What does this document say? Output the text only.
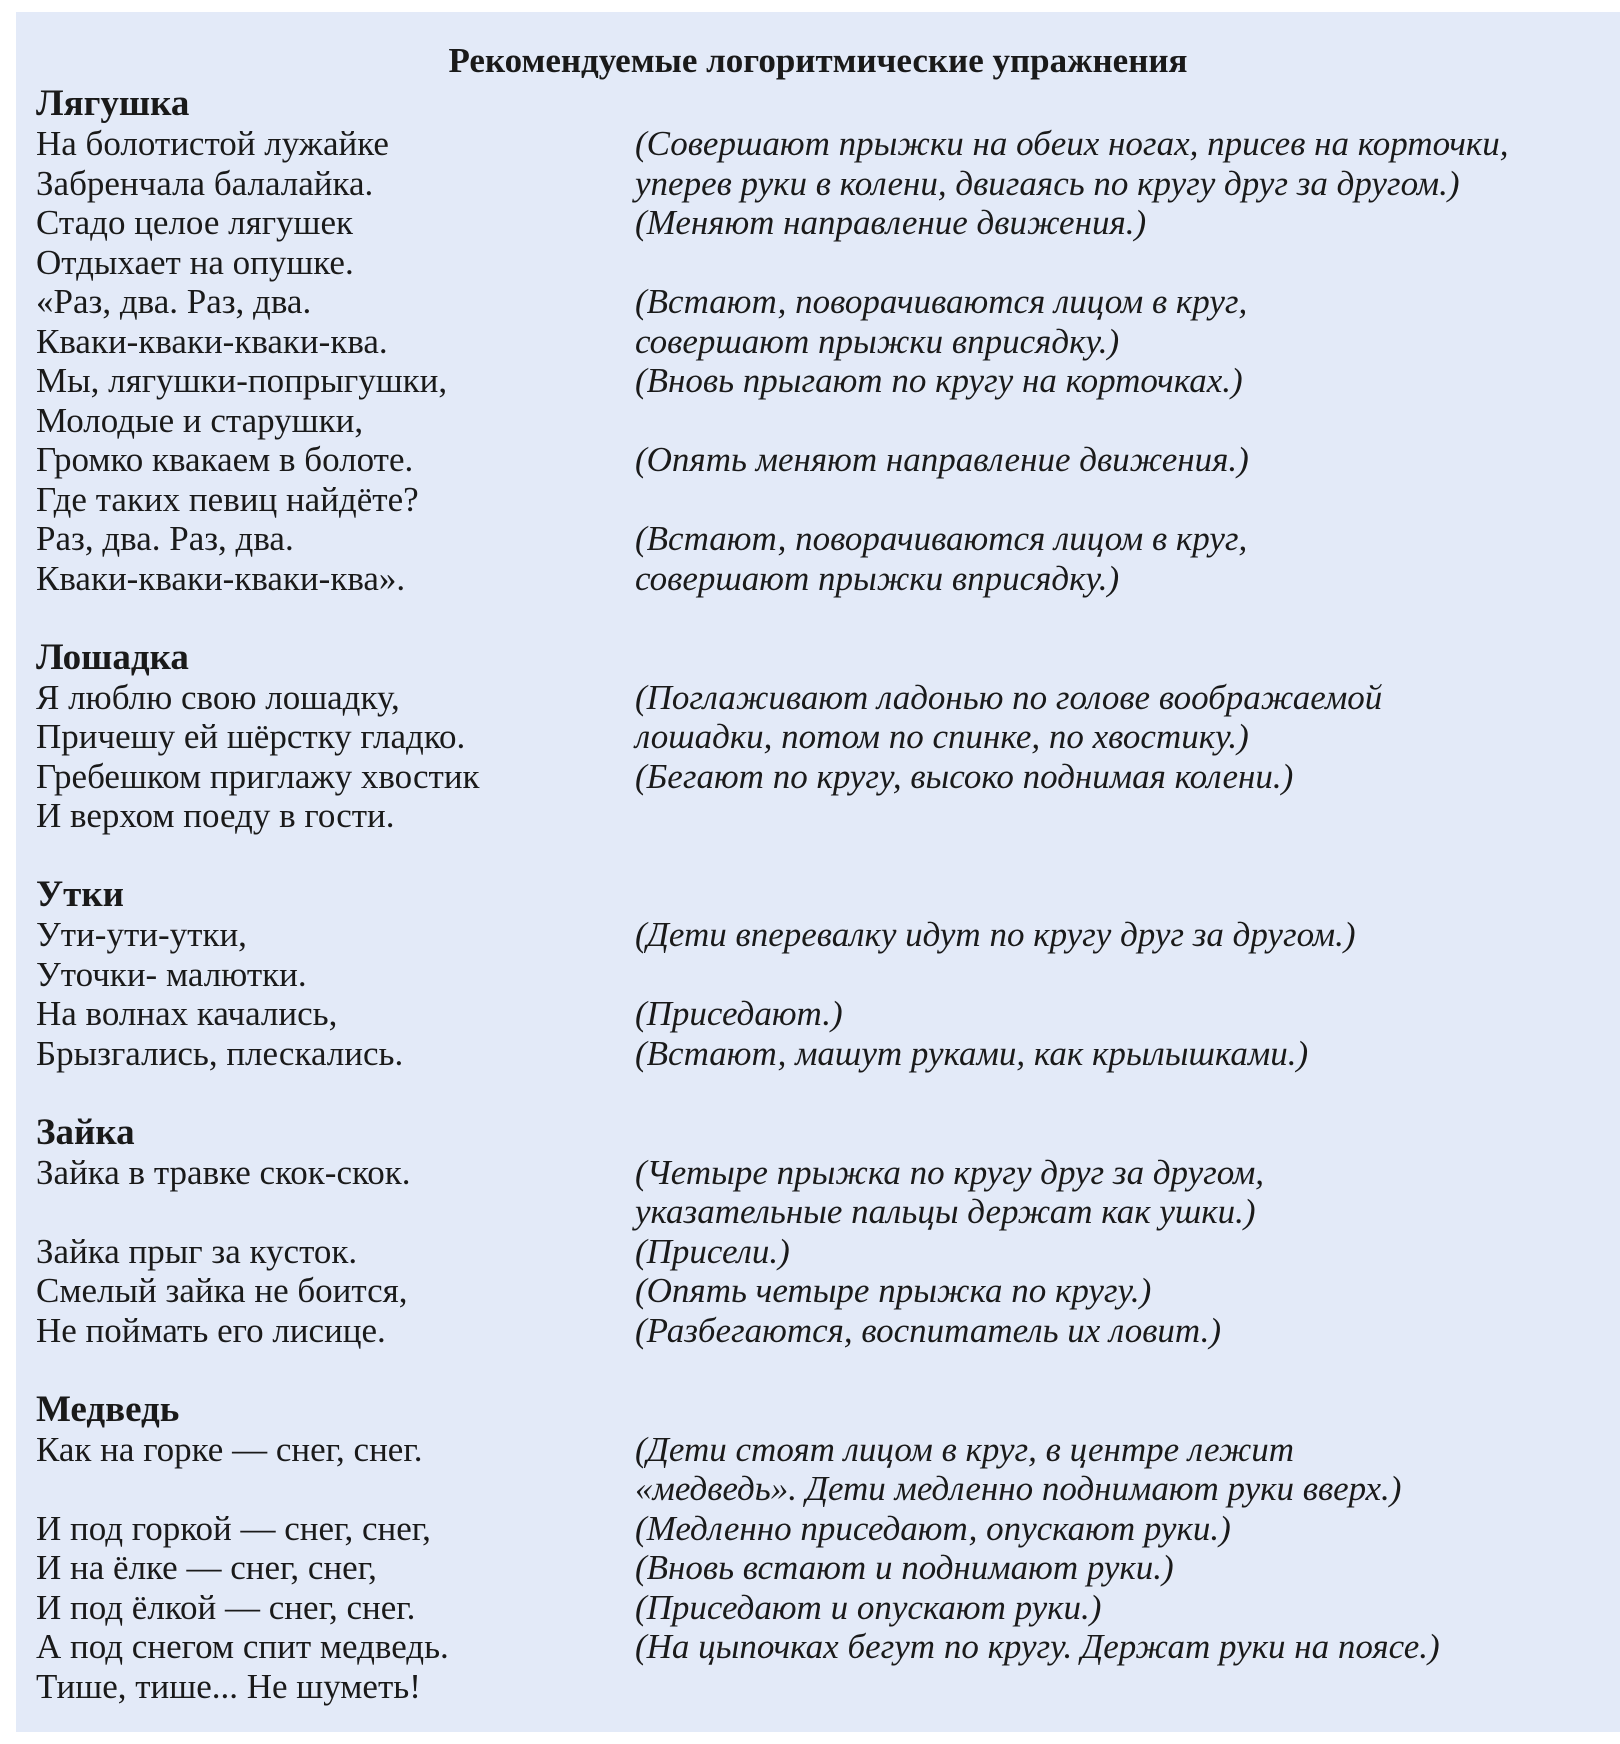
Рекомендуемые логоритмические упражнения
Лягушка
На болотистой лужайке	(Совершают прыжки на обеих ногах, присев на корточки,
Забренчала балалайка.	уперев руки в колени, двигаясь по кругу друг за другом.)
Стадо целое лягушек	(Меняют направление движения.)
Отдыхает на опушке.
«Раз, два. Раз, два.	(Встают, поворачиваются лицом в круг,
Кваки-кваки-кваки-ква.	совершают прыжки вприсядку.)
Мы, лягушки-попрыгушки,	(Вновь прыгают по кругу на корточках.)
Молодые и старушки,
Громко квакаем в болоте.	(Опять меняют направление движения.)
Где таких певиц найдёте?
Раз, два. Раз, два.	(Встают, поворачиваются лицом в круг,
Кваки-кваки-кваки-ква».	совершают прыжки вприсядку.)
Лошадка
Я люблю свою лошадку,	(Поглаживают ладонью по голове воображаемой
Причешу ей шёрстку гладко.	лошадки, потом по спинке, по хвостику.)
Гребешком приглажу хвостик	(Бегают по кругу, высоко поднимая колени.)
И верхом поеду в гости.
Утки
Ути-ути-утки,	(Дети вперевалку идут по кругу друг за другом.)
Уточки- малютки.
На волнах качались,	(Приседают.)
Брызгались, плескались.	(Встают, машут руками, как крылышками.)
Зайка
Зайка в травке скок-скок.	(Четыре прыжка по кругу друг за другом,
указательные пальцы держат как ушки.)
Зайка прыг за кусток.	(Присели.)
Смелый зайка не боится,	(Опять четыре прыжка по кругу.)
Не поймать его лисице.	(Разбегаются, воспитатель их ловит.)
Медведь
Как на горке — снег, снег.	(Дети стоят лицом в круг, в центре лежит
«медведь». Дети медленно поднимают руки вверх.)
И под горкой — снег, снег,	(Медленно приседают, опускают руки.)
И на ёлке — снег, снег,	(Вновь встают и поднимают руки.)
И под ёлкой — снег, снег.	(Приседают и опускают руки.)
А под снегом спит медведь.	(На цыпочках бегут по кругу. Держат руки на поясе.)
Тише, тише... Не шуметь!
